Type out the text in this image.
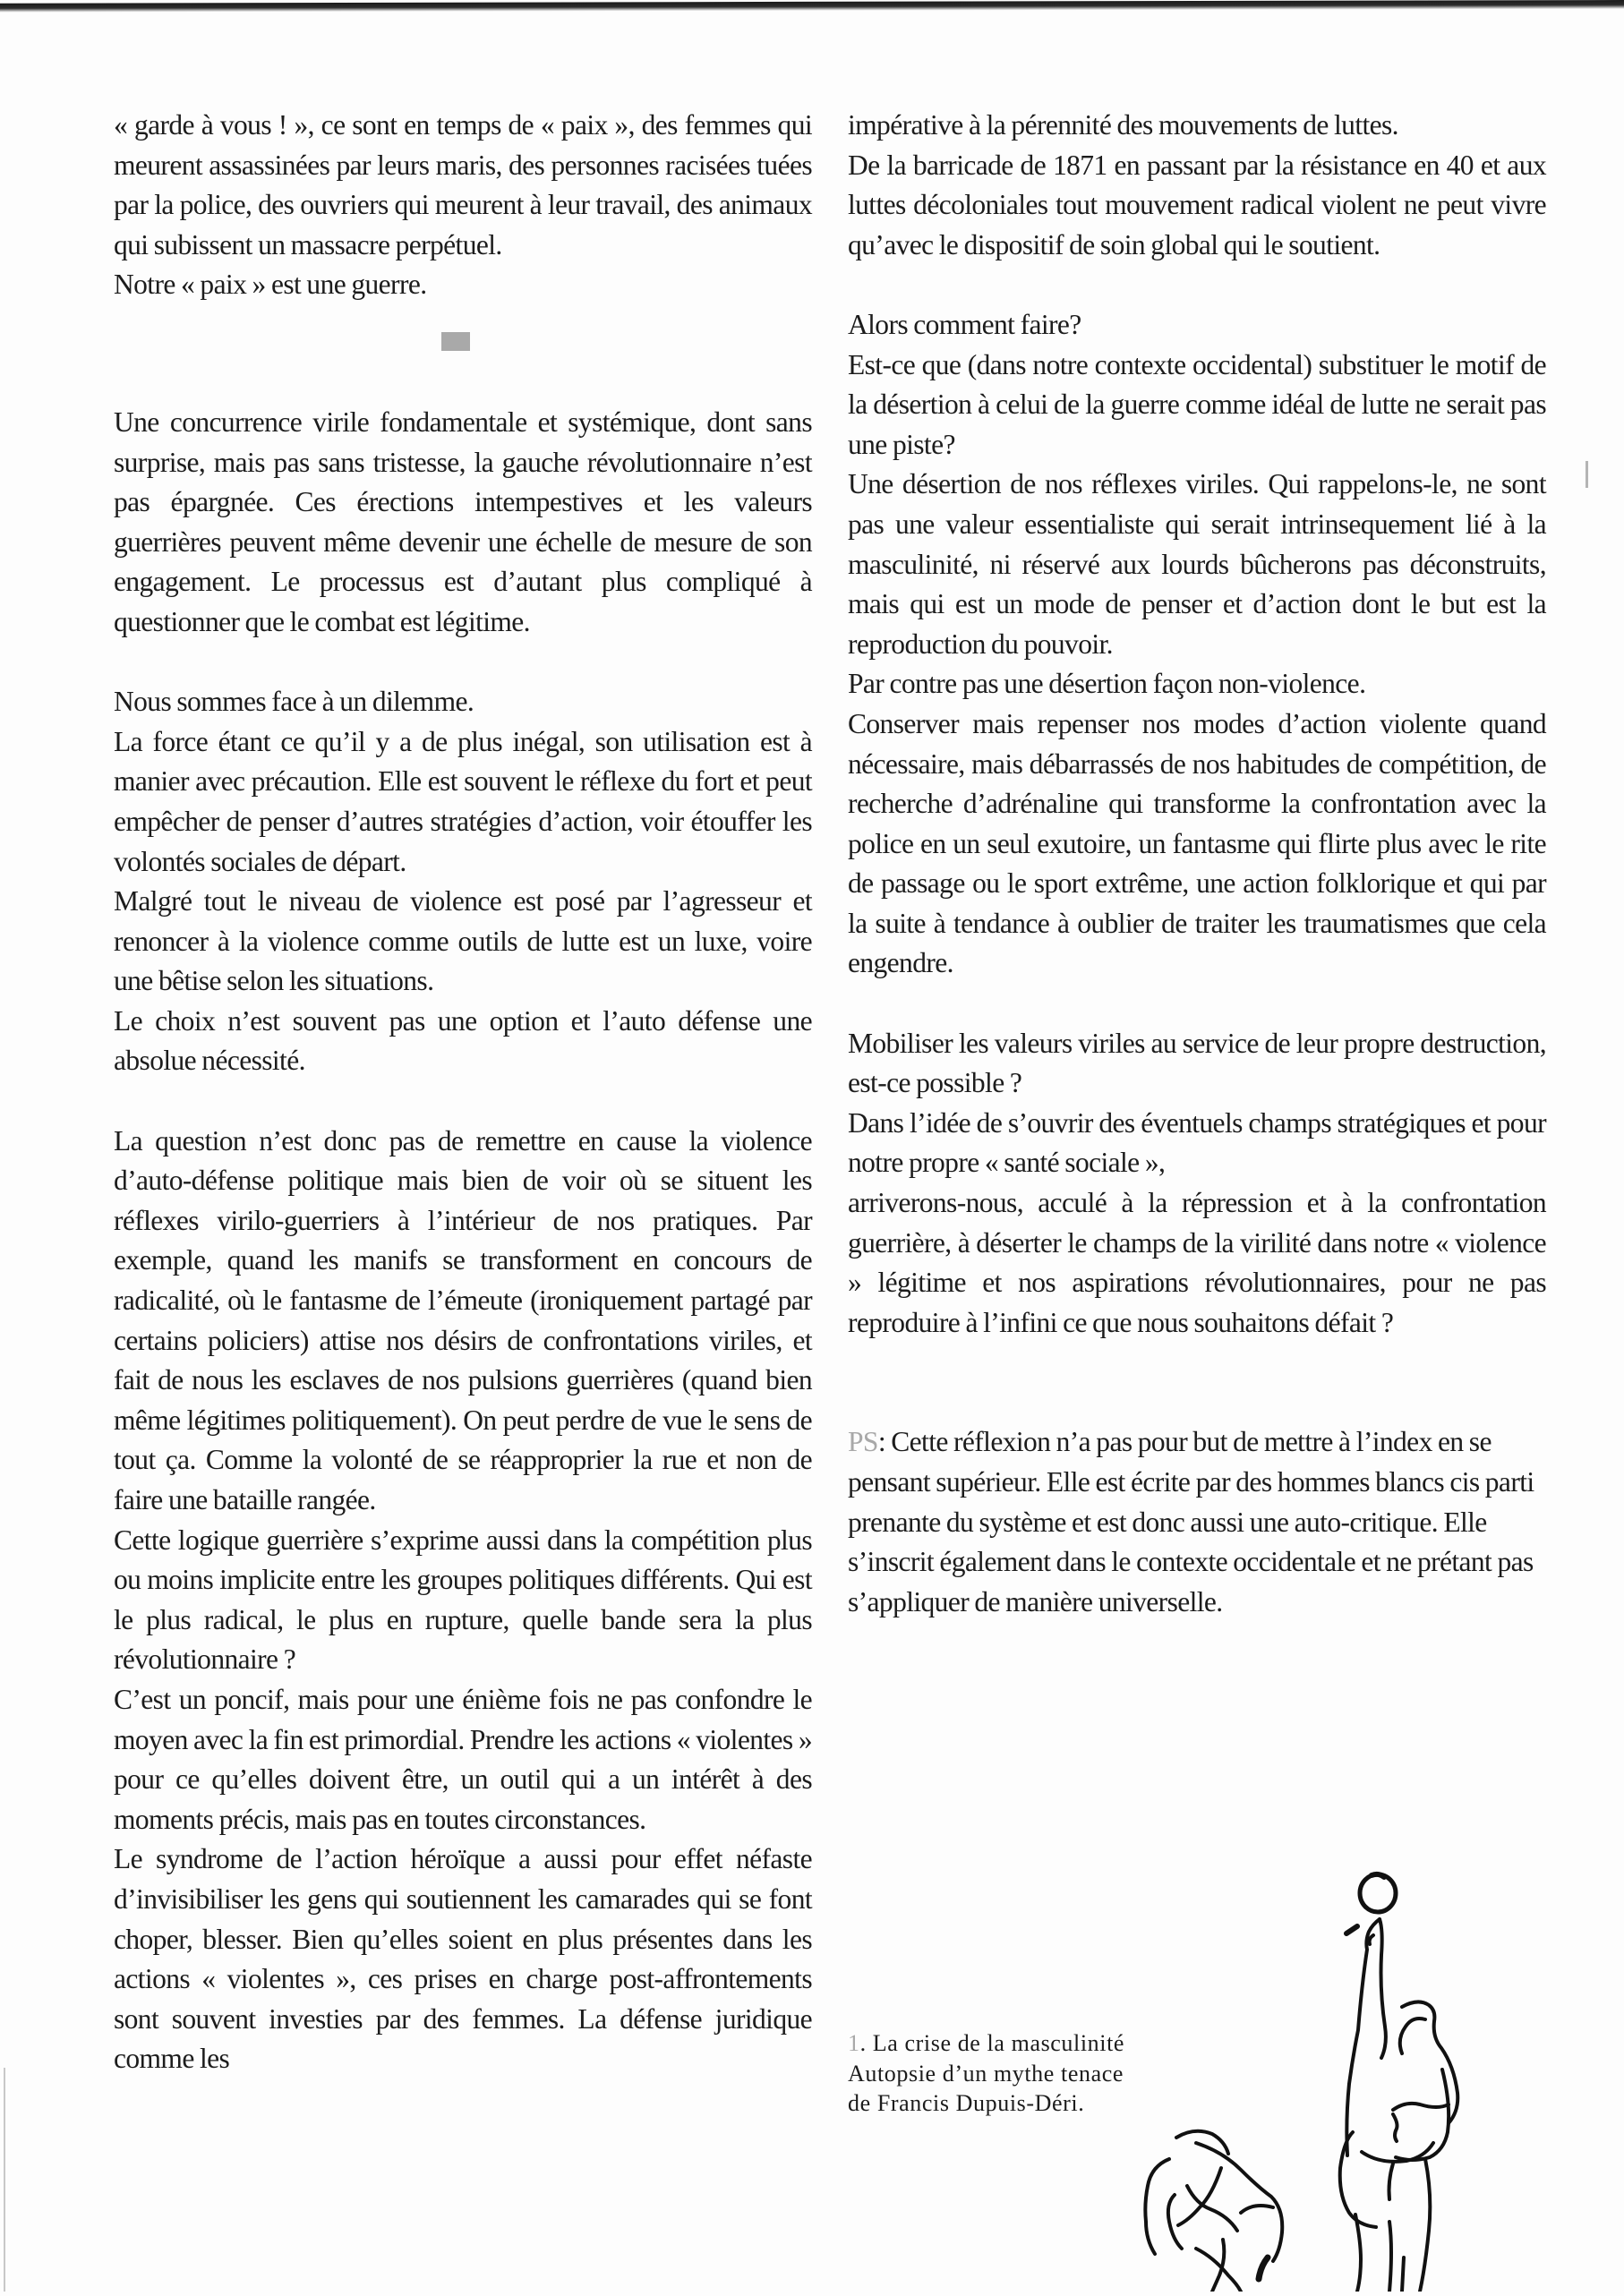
« garde à vous ! », ce sont en temps de « paix », des femmes qui meurent assassinées par leurs maris, des personnes racisées tuées par la police, des ouvriers qui meurent à leur travail, des animaux qui subissent un massacre perpétuel.

Notre « paix » est une guerre.

Une concurrence virile fondamentale et systémique, dont sans surprise, mais pas sans tristesse, la gauche révolutionnaire n’est pas épargnée. Ces érections intempestives et les valeurs guerrières peuvent même devenir une échelle de mesure de son engagement. Le processus est d’autant plus compliqué à questionner que le combat est légitime.

Nous sommes face à un dilemme.

La force étant ce qu’il y a de plus inégal, son utilisation est à manier avec précaution. Elle est souvent le réflexe du fort et peut empêcher de penser d’autres stratégies d’action, voir étouffer les volontés sociales de départ.

Malgré tout le niveau de violence est posé par l’agresseur et renoncer à la violence comme outils de lutte est un luxe, voire une bêtise selon les situations.

Le choix n’est souvent pas une option et l’auto défense une absolue nécessité.

La question n’est donc pas de remettre en cause la violence d’auto-défense politique mais bien de voir où se situent les réflexes virilo-guerriers à l’intérieur de nos pratiques. Par exemple, quand les manifs se transforment en concours de radicalité, où le fantasme de l’émeute (ironiquement partagé par certains policiers) attise nos désirs de confrontations viriles, et fait de nous les esclaves de nos pulsions guerrières (quand bien même légitimes politiquement). On peut perdre de vue le sens de tout ça. Comme la volonté de se réapproprier la rue et non de faire une bataille rangée.

Cette logique guerrière s’exprime aussi dans la compétition plus ou moins implicite entre les groupes politiques différents. Qui est le plus radical, le plus en rupture, quelle bande sera la plus révolutionnaire ?

C’est un poncif, mais pour une énième fois ne pas confondre le moyen avec la fin est primordial. Prendre les actions « violentes » pour ce qu’elles doivent être, un outil qui a un intérêt à des moments précis, mais pas en toutes circonstances.

Le syndrome de l’action héroïque a aussi pour effet néfaste d’invisibiliser les gens qui soutiennent les camarades qui se font choper, blesser. Bien qu’elles soient en plus présentes dans les actions « violentes », ces prises en charge post-affrontements sont souvent investies par des femmes. La défense juridique comme les

impérative à la pérennité des mouvements de luttes.

De la barricade de 1871 en passant par la résistance en 40 et aux luttes décoloniales tout mouvement radical violent ne peut vivre qu’avec le dispositif de soin global qui le soutient.

Alors comment faire?

Est-ce que (dans notre contexte occidental) substituer le motif de la désertion à celui de la guerre comme idéal de lutte ne serait pas une piste?

Une désertion de nos réflexes viriles. Qui rappelons-le, ne sont pas une valeur essentialiste qui serait intrinsequement lié à la masculinité, ni réservé aux lourds bûcherons pas déconstruits, mais qui est un mode de penser et d’action dont le but est la reproduction du pouvoir.

Par contre pas une désertion façon non-violence.

Conserver mais repenser nos modes d’action violente quand nécessaire, mais débarrassés de nos habitudes de compétition, de recherche d’adrénaline qui transforme la confrontation avec la police en un seul exutoire, un fantasme qui flirte plus avec le rite de passage ou le sport extrême, une action folklorique et qui par la suite à tendance à oublier de traiter les traumatismes que cela engendre.

Mobiliser les valeurs viriles au service de leur propre destruction, est-ce possible ?

Dans l’idée de s’ouvrir des éventuels champs stratégiques et pour notre propre « santé sociale »,

arriverons-nous, acculé à la répression et à la confrontation guerrière, à déserter le champs de la virilité dans notre « violence » légitime et nos aspirations révolutionnaires, pour ne pas reproduire à l’infini ce que nous souhaitons défait ?

PS: Cette réflexion n’a pas pour but de mettre à l’index en se pensant supérieur. Elle est écrite par des hommes blancs cis parti prenante du système et est donc aussi une auto-critique. Elle s’inscrit également dans le contexte occidentale et ne prétant pas s’appliquer de manière universelle.

1. La crise de la masculinité
Autopsie d’un mythe tenace
de Francis Dupuis-Déri.
